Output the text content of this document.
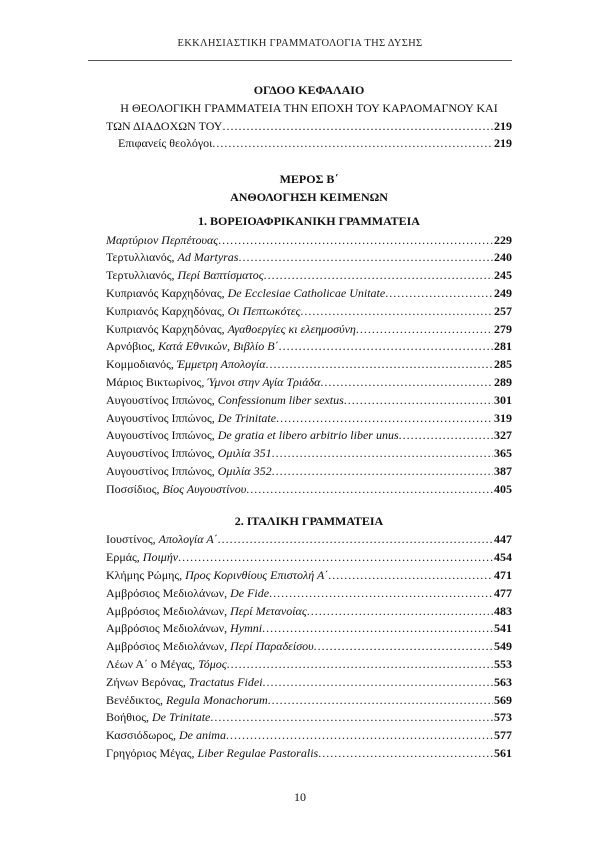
ΕΚΚΛΗΣΙΑΣΤΙΚΗ ΓΡΑΜΜΑΤΟΛΟΓΙΑ ΤΗΣ ΔΥΣΗΣ
ΟΓΔΟΟ ΚΕΦΑΛΑΙΟ
Η ΘΕΟΛΟΓΙΚΗ ΓΡΑΜΜΑΤΕΙΑ ΤΗΝ ΕΠΟΧΗ ΤΟΥ ΚΑΡΛΟΜΑΓΝΟΥ ΚΑΙ
ΤΩΝ ΔΙΑΔΟΧΩΝ ΤΟΥ .....	219
Επιφανείς θεολόγοι .....	219
ΜΕΡΟΣ Β΄
ΑΝΘΟΛΟΓΗΣΗ ΚΕΙΜΕΝΩΝ
1. ΒΟΡΕΙΟΑΦΡΙΚΑΝΙΚΗ ΓΡΑΜΜΑΤΕΙΑ
Μαρτύριον Περπέτουας .....	229
Τερτυλλιανός, Ad Martyras .....	240
Τερτυλλιανός, Περί Βαπτίσματος .....	245
Κυπριανός Καρχηδόνας, De Ecclesiae Catholicae Unitate .....	249
Κυπριανός Καρχηδόνας, Οι Πεπτωκότες .....	257
Κυπριανός Καρχηδόνας, Αγαθοεργίες κι ελεημοσύνη .....	279
Αρνόβιος, Κατά Εθνικών, Βιβλίο Β΄ .....	281
Κομμοδιανός, Έμμετρη Απολογία .....	285
Μάριος Βικτωρίνος, Ύμνοι στην Αγία Τριάδα .....	289
Αυγουστίνος Ιππώνος, Confessionum liber sextus .....	301
Αυγουστίνος Ιππώνος, De Trinitate .....	319
Αυγουστίνος Ιππώνος, De gratia et libero arbitrio liber unus .....	327
Αυγουστίνος Ιππώνος, Ομιλία 351 .....	365
Αυγουστίνος Ιππώνος, Ομιλία 352 .....	387
Ποσσίδιος, Βίος Αυγουστίνου .....	405
2. ΙΤΑΛΙΚΗ ΓΡΑΜΜΑΤΕΙΑ
Ιουστίνος, Απολογία Α΄ .....	447
Ερμάς, Ποιμήν .....	454
Κλήμης Ρώμης, Προς Κορινθίους Επιστολή Α΄ .....	471
Αμβρόσιος Μεδιολάνων, De Fide .....	477
Αμβρόσιος Μεδιολάνων, Περί Μετανοίας .....	483
Αμβρόσιος Μεδιολάνων, Hymni .....	541
Αμβρόσιος Μεδιολάνων, Περί Παραδείσου .....	549
Λέων Α΄ ο Μέγας, Τόμος .....	553
Ζήνων Βερόνας, Tractatus Fidei .....	563
Βενέδικτος, Regula Monachorum .....	569
Βοήθιος, De Trinitate .....	573
Κασσιόδωρος, De anima .....	577
Γρηγόριος Μέγας, Liber Regulae Pastoralis .....	561
10
